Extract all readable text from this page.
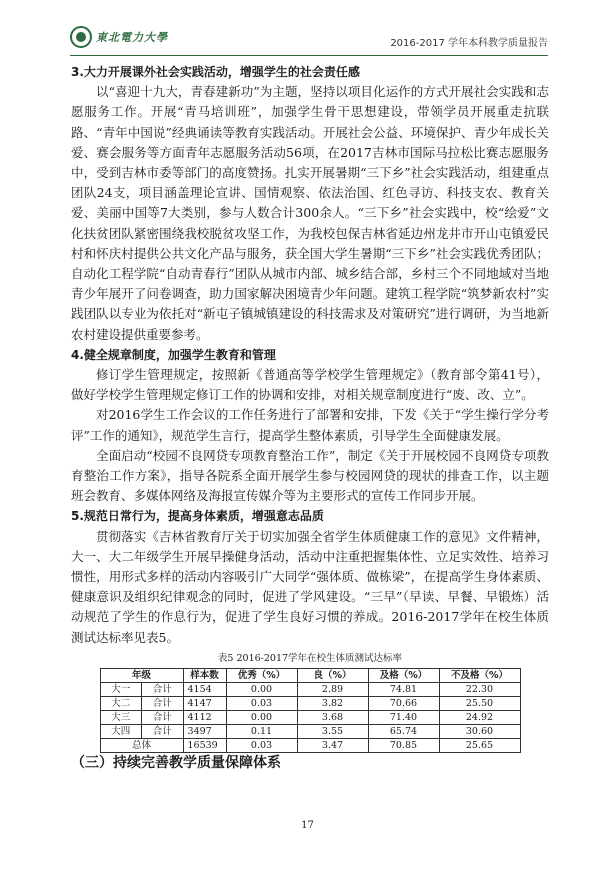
東北電力大學	2016-2017 学年本科教学质量报告

3.大力开展课外社会实践活动，增强学生的社会责任感

以“喜迎十九大，青春建新功”为主题，坚持以项目化运作的方式开展社会实践和志愿服务工作。开展“青马培训班”，加强学生骨干思想建设，带领学员开展重走抗联路、“青年中国说”经典诵读等教育实践活动。开展社会公益、环境保护、青少年成长关爱、赛会服务等方面青年志愿服务活动56项，在2017吉林市国际马拉松比赛志愿服务中，受到吉林市委等部门的高度赞扬。扎实开展暑期“三下乡”社会实践活动，组建重点团队24支，项目涵盖理论宣讲、国情观察、依法治国、红色寻访、科技支农、教育关爱、美丽中国等7大类别，参与人数合计300余人。“三下乡”社会实践中，校“绘爱”文化扶贫团队紧密围绕我校脱贫攻坚工作，为我校包保吉林省延边州龙井市开山屯镇爱民村和怀庆村提供公共文化产品与服务，获全国大学生暑期“三下乡”社会实践优秀团队；自动化工程学院“自动青春行”团队从城市内部、城乡结合部，乡村三个不同地域对当地青少年展开了问卷调查，助力国家解决困境青少年问题。建筑工程学院“筑梦新农村”实践团队以专业为依托对“新屯子镇城镇建设的科技需求及对策研究”进行调研，为当地新农村建设提供重要参考。

4.健全规章制度，加强学生教育和管理

修订学生管理规定，按照新《普通高等学校学生管理规定》（教育部令第41号），做好学校学生管理规定修订工作的协调和安排，对相关规章制度进行“废、改、立”。

对2016学生工作会议的工作任务进行了部署和安排，下发《关于“学生操行学分考评”工作的通知》，规范学生言行，提高学生整体素质，引导学生全面健康发展。

全面启动“校园不良网贷专项教育整治工作”，制定《关于开展校园不良网贷专项教育整治工作方案》，指导各院系全面开展学生参与校园网贷的现状的排查工作，以主题班会教育、多媒体网络及海报宣传媒介等为主要形式的宣传工作同步开展。

5.规范日常行为，提高身体素质，增强意志品质

贯彻落实《吉林省教育厅关于切实加强全省学生体质健康工作的意见》文件精神，大一、大二年级学生开展早操健身活动，活动中注重把握集体性、立足实效性、培养习惯性，用形式多样的活动内容吸引广大同学“强体质、做栋梁”，在提高学生身体素质、健康意识及组织纪律观念的同时，促进了学风建设。“三早”（早读、早餐、早锻炼）活动规范了学生的作息行为，促进了学生良好习惯的养成。2016-2017学年在校生体质测试达标率见表5。

表5 2016-2017学年在校生体质测试达标率
年级		样本数	优秀（%）	良（%）	及格（%）	不及格（%）
大一	合计	4154	0.00	2.89	74.81	22.30
大二	合计	4147	0.03	3.82	70.66	25.50
大三	合计	4112	0.00	3.68	71.40	24.92
大四	合计	3497	0.11	3.55	65.74	30.60
总体		16539	0.03	3.47	70.85	25.65

（三）持续完善教学质量保障体系

17
